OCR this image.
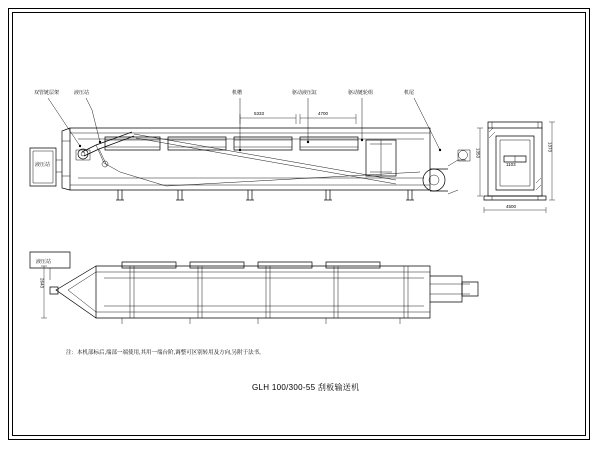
液压站
5333	4700
双管链层架	液压站	机槽	驱动液压缸	驱动链轮组	机尾
1353
1373
4500
1103
液压站
2643
注：本机部标后,端部一端使用,其用一端台阶,调整可区别转用及方向,另附于法书。
GLH 100/300-55 刮板输送机
